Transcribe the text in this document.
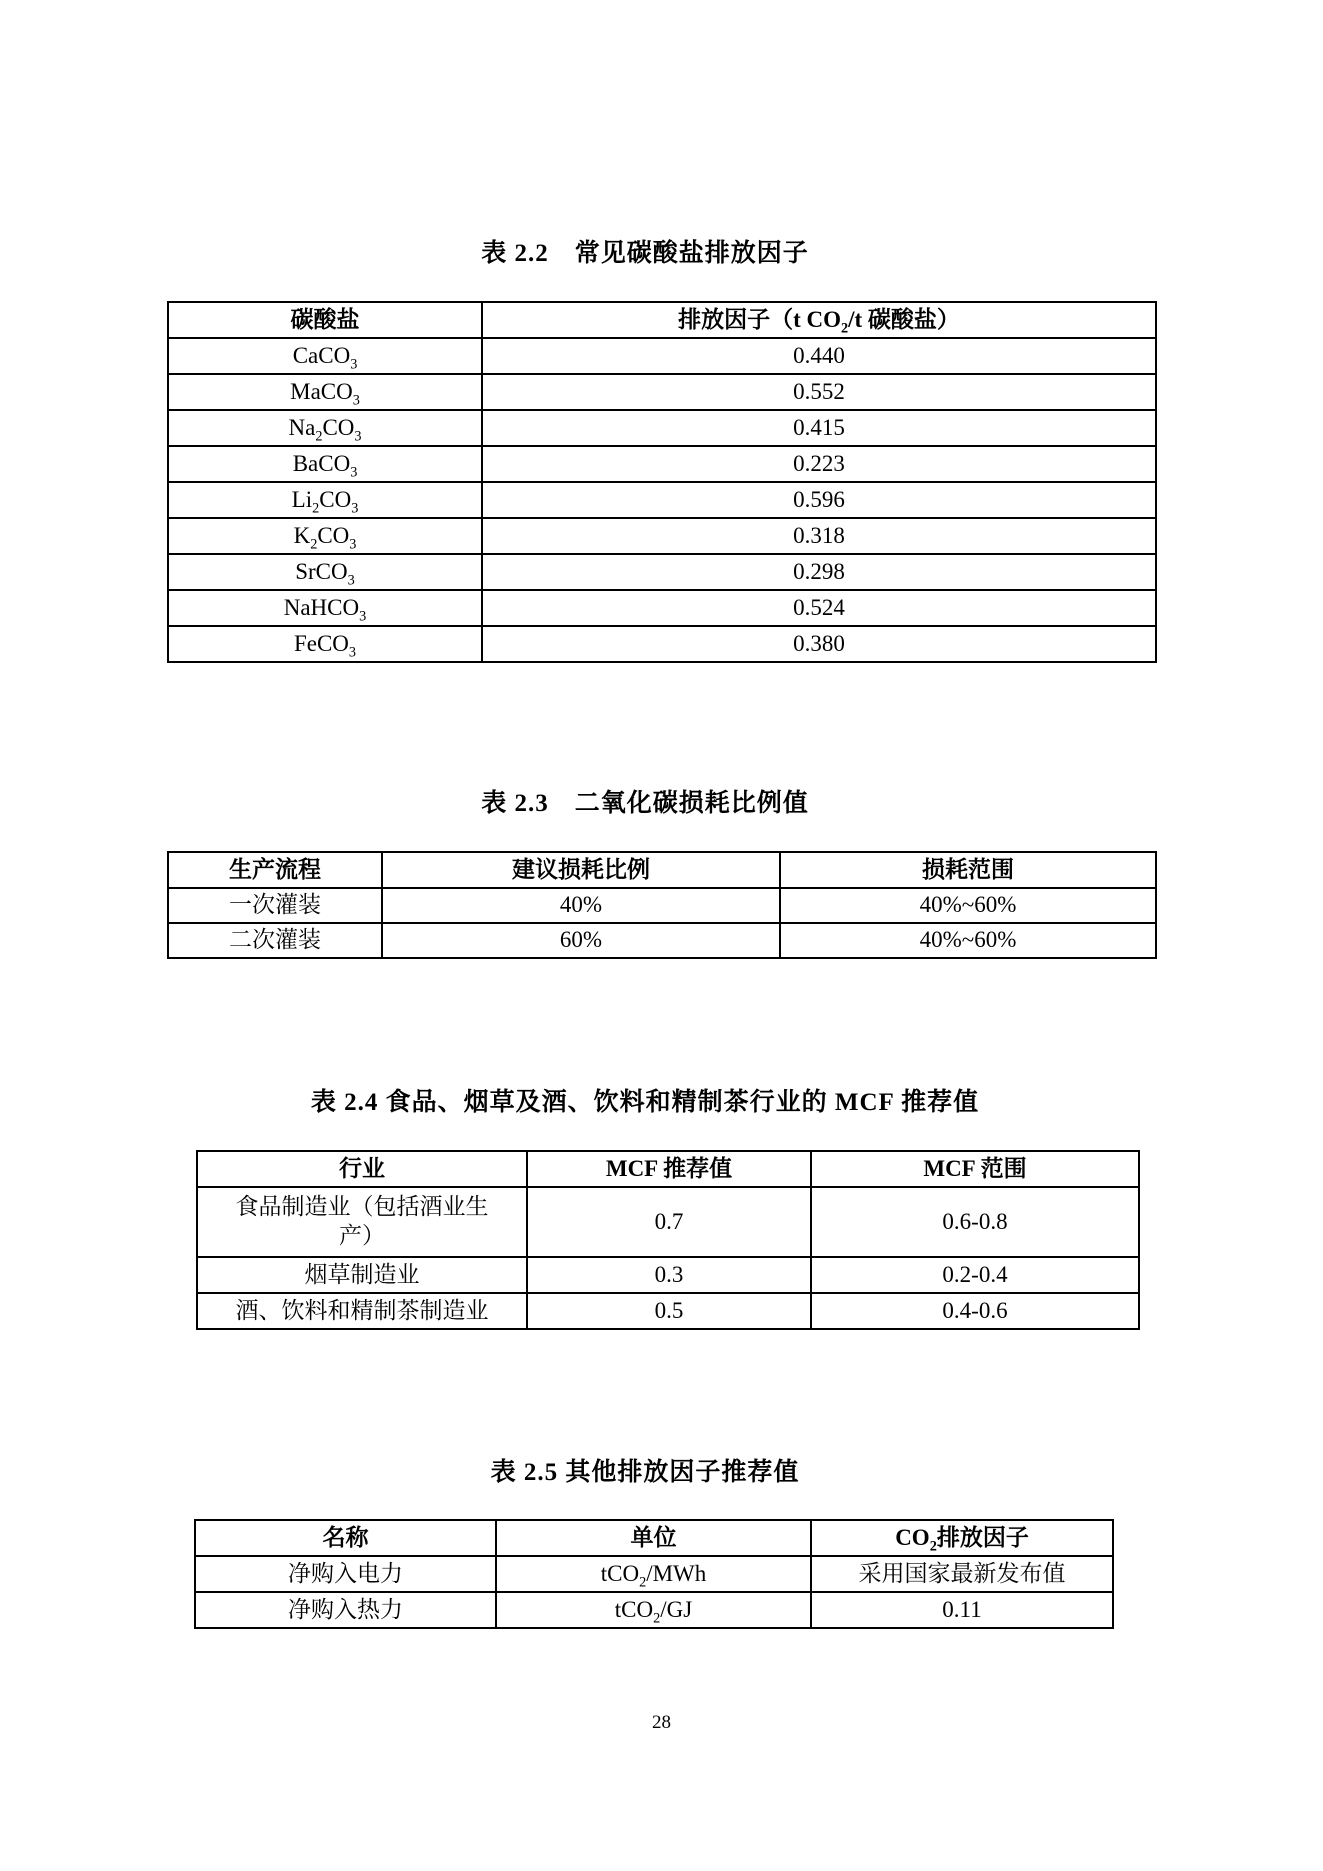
表 2.2　常见碳酸盐排放因子
碳酸盐	排放因子（t $CO_2/t$ 碳酸盐）
CaCO$_3$	0.440
MaCO$_3$	0.552
$Na_2CO_3$	0.415
BaCO$_3$	0.223
$Li_2CO_3$	0.596
$K_2CO_3$	0.318
SrCO$_3$	0.298
NaHCO$_3$	0.524
FeCO$_3$	0.380
表 2.3　二氧化碳损耗比例值
生产流程	建议损耗比例	损耗范围
一次灌装	40%	40%~60%
二次灌装	60%	40%~60%
表 2.4 食品、烟草及酒、饮料和精制茶行业的 MCF 推荐值
行业	MCF 推荐值	MCF 范围
食品制造业（包括酒业生产）	0.7	0.6-0.8
烟草制造业	0.3	0.2-0.4
酒、饮料和精制茶制造业	0.5	0.4-0.6
表 2.5 其他排放因子推荐值
名称	单位	$CO_2$排放因子
净购入电力	tCO$_2$/MWh	采用国家最新发布值
净购入热力	tCO$_2$/GJ	0.11
28
